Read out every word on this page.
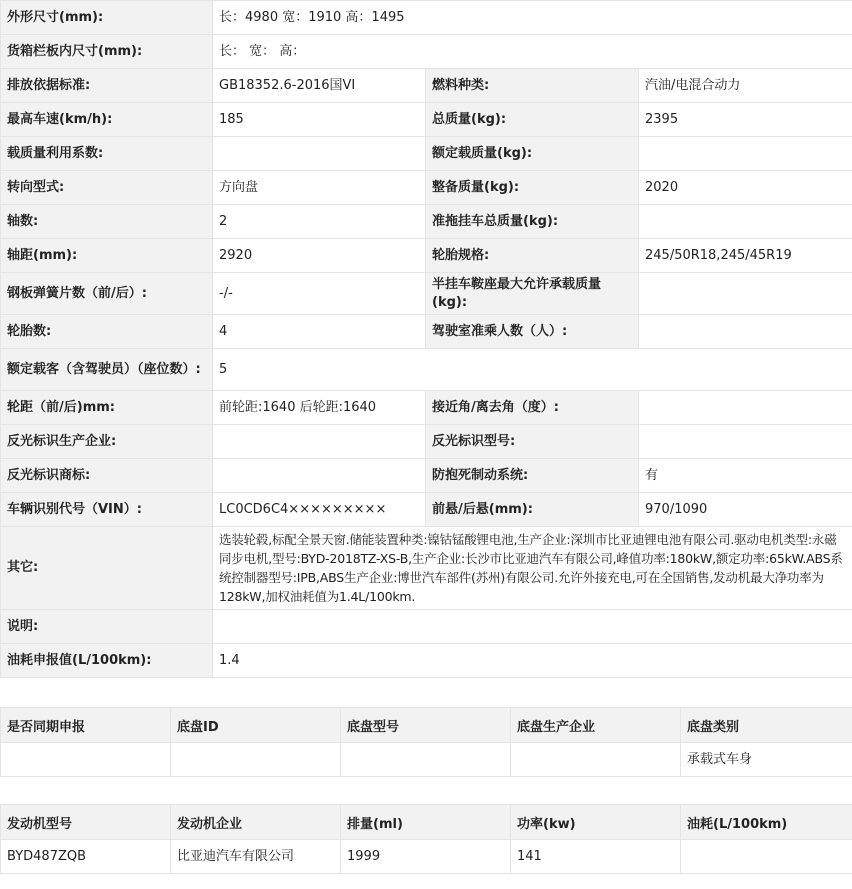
外形尺寸(mm):	长：4980 宽：1910 高：1495		
货箱栏板内尺寸(mm):	长： 宽： 高：		
排放依据标准:	GB18352.6-2016国VI	燃料种类:	汽油/电混合动力
最高车速(km/h):	185	总质量(kg):	2395
载质量利用系数:		额定载质量(kg):	
转向型式:	方向盘	整备质量(kg):	2020
轴数:	2	准拖挂车总质量(kg):	
轴距(mm):	2920	轮胎规格:	245/50R18,245/45R19
钢板弹簧片数（前/后）:	-/-	半挂车鞍座最大允许承载质量(kg):	
轮胎数:	4	驾驶室准乘人数（人）:	
额定载客（含驾驶员）（座位数）:	5		
轮距（前/后)mm:	前轮距:1640 后轮距:1640	接近角/离去角（度）:	
反光标识生产企业:		反光标识型号:	
反光标识商标:		防抱死制动系统:	有
车辆识别代号（VIN）:	LC0CD6C4×××××××××	前悬/后悬(mm):	970/1090
其它:	选装轮毂,标配全景天窗.储能装置种类:镍钴锰酸锂电池,生产企业:深圳市比亚迪锂电池有限公司.驱动电机类型:永磁同步电机,型号:BYD-2018TZ-XS-B,生产企业:长沙市比亚迪汽车有限公司,峰值功率:180kW,额定功率:65kW.ABS系统控制器型号:IPB,ABS生产企业:博世汽车部件(苏州)有限公司.允许外接充电,可在全国销售,发动机最大净功率为128kW,加权油耗值为1.4L/100km.		
说明:			
油耗申报值(L/100km):	1.4		
是否同期申报	底盘ID	底盘型号	底盘生产企业	底盘类别
				承载式车身
发动机型号	发动机企业	排量(ml)	功率(kw)	油耗(L/100km)
BYD487ZQB	比亚迪汽车有限公司	1999	141	
